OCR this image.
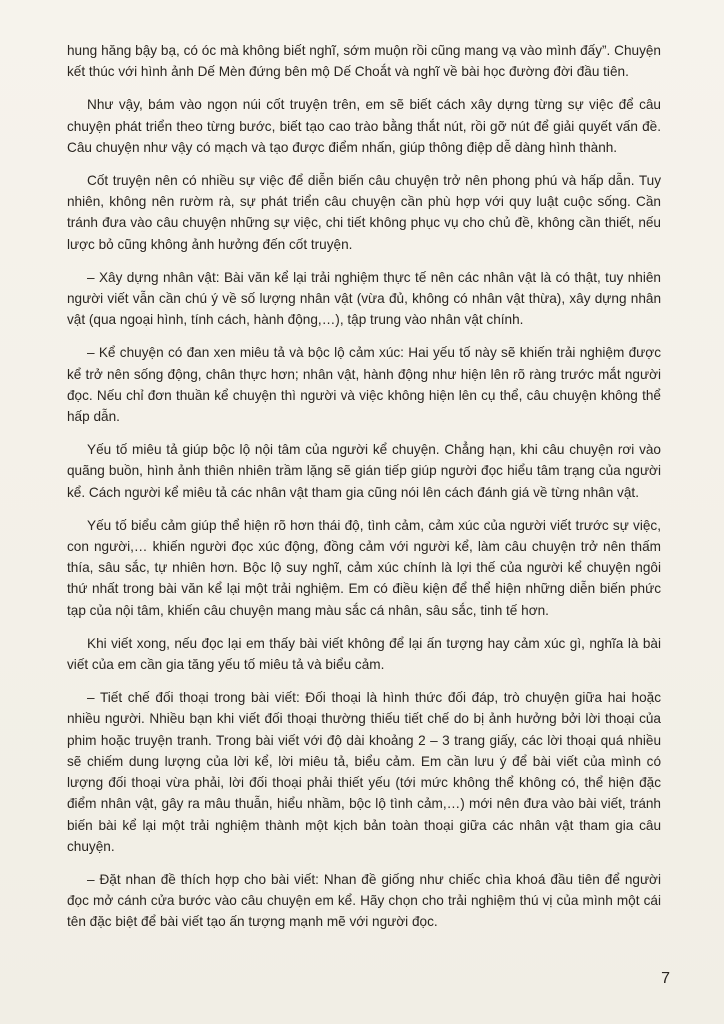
hung hăng bậy bạ, có óc mà không biết nghĩ, sớm muộn rồi cũng mang vạ vào mình đấy”. Chuyện kết thúc với hình ảnh Dế Mèn đứng bên mộ Dế Choắt và nghĩ về bài học đường đời đầu tiên.

Như vậy, bám vào ngọn núi cốt truyện trên, em sẽ biết cách xây dựng từng sự việc để câu chuyện phát triển theo từng bước, biết tạo cao trào bằng thắt nút, rồi gỡ nút để giải quyết vấn đề. Câu chuyện như vậy có mạch và tạo được điểm nhấn, giúp thông điệp dễ dàng hình thành.

Cốt truyện nên có nhiều sự việc để diễn biến câu chuyện trở nên phong phú và hấp dẫn. Tuy nhiên, không nên rườm rà, sự phát triển câu chuyện cần phù hợp với quy luật cuộc sống. Cần tránh đưa vào câu chuyện những sự việc, chi tiết không phục vụ cho chủ đề, không cần thiết, nếu lược bỏ cũng không ảnh hưởng đến cốt truyện.

– Xây dựng nhân vật: Bài văn kể lại trải nghiệm thực tế nên các nhân vật là có thật, tuy nhiên người viết vẫn cần chú ý về số lượng nhân vật (vừa đủ, không có nhân vật thừa), xây dựng nhân vật (qua ngoại hình, tính cách, hành động,…), tập trung vào nhân vật chính.

– Kể chuyện có đan xen miêu tả và bộc lộ cảm xúc: Hai yếu tố này sẽ khiến trải nghiệm được kể trở nên sống động, chân thực hơn; nhân vật, hành động như hiện lên rõ ràng trước mắt người đọc. Nếu chỉ đơn thuần kể chuyện thì người và việc không hiện lên cụ thể, câu chuyện không thể hấp dẫn.

Yếu tố miêu tả giúp bộc lộ nội tâm của người kể chuyện. Chẳng hạn, khi câu chuyện rơi vào quãng buồn, hình ảnh thiên nhiên trầm lặng sẽ gián tiếp giúp người đọc hiểu tâm trạng của người kể. Cách người kể miêu tả các nhân vật tham gia cũng nói lên cách đánh giá về từng nhân vật.

Yếu tố biểu cảm giúp thể hiện rõ hơn thái độ, tình cảm, cảm xúc của người viết trước sự việc, con người,… khiến người đọc xúc động, đồng cảm với người kể, làm câu chuyện trở nên thấm thía, sâu sắc, tự nhiên hơn. Bộc lộ suy nghĩ, cảm xúc chính là lợi thế của người kể chuyện ngôi thứ nhất trong bài văn kể lại một trải nghiệm. Em có điều kiện để thể hiện những diễn biến phức tạp của nội tâm, khiến câu chuyện mang màu sắc cá nhân, sâu sắc, tinh tế hơn.

Khi viết xong, nếu đọc lại em thấy bài viết không để lại ấn tượng hay cảm xúc gì, nghĩa là bài viết của em cần gia tăng yếu tố miêu tả và biểu cảm.

– Tiết chế đối thoại trong bài viết: Đối thoại là hình thức đối đáp, trò chuyện giữa hai hoặc nhiều người. Nhiều bạn khi viết đối thoại thường thiếu tiết chế do bị ảnh hưởng bởi lời thoại của phim hoặc truyện tranh. Trong bài viết với độ dài khoảng 2 – 3 trang giấy, các lời thoại quá nhiều sẽ chiếm dung lượng của lời kể, lời miêu tả, biểu cảm. Em cần lưu ý để bài viết của mình có lượng đối thoại vừa phải, lời đối thoại phải thiết yếu (tới mức không thể không có, thể hiện đặc điểm nhân vật, gây ra mâu thuẫn, hiểu nhầm, bộc lộ tình cảm,…) mới nên đưa vào bài viết, tránh biến bài kể lại một trải nghiệm thành một kịch bản toàn thoại giữa các nhân vật tham gia câu chuyện.

– Đặt nhan đề thích hợp cho bài viết: Nhan đề giống như chiếc chìa khoá đầu tiên để người đọc mở cánh cửa bước vào câu chuyện em kể. Hãy chọn cho trải nghiệm thú vị của mình một cái tên đặc biệt để bài viết tạo ấn tượng mạnh mẽ với người đọc.

7
